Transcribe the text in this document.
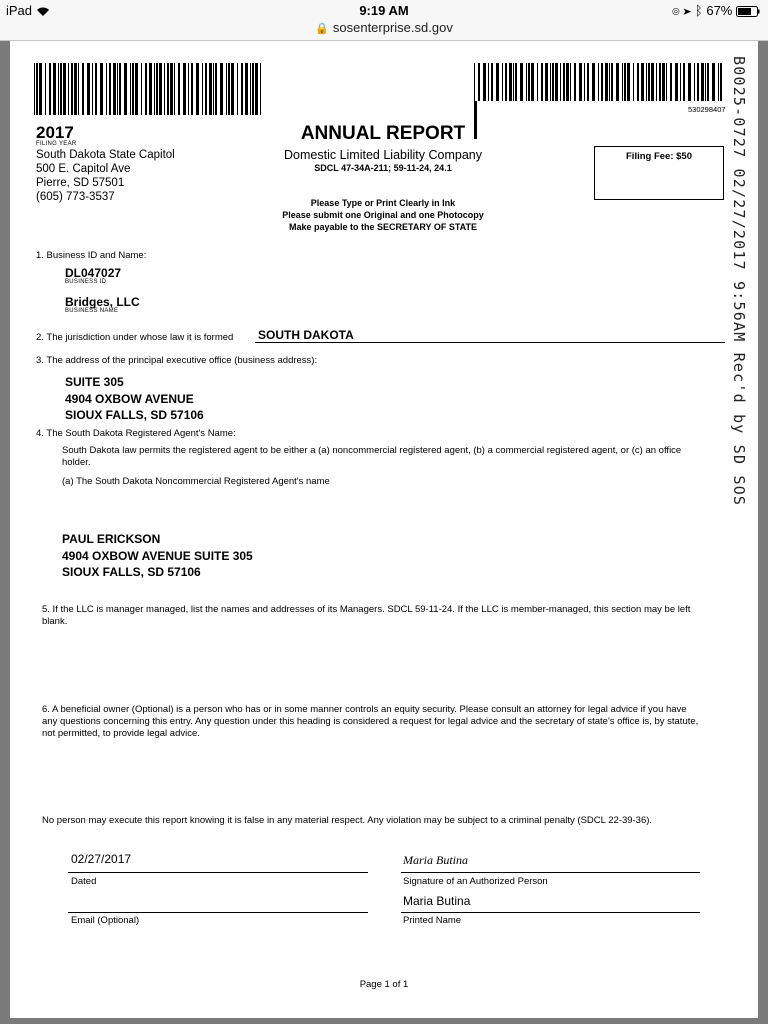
iPad	9:19 AM	◎ ➤ ᛒ 67%
🔒 sosenterprise.sd.gov
530298407 B0025-0727 02/27/2017 9:56AM Rec'd by SD SOS
2017
FILING YEAR
South Dakota State Capitol
500 E. Capitol Ave
Pierre, SD 57501
(605) 773-3537
ANNUAL REPORT
Domestic Limited Liability Company
SDCL 47-34A-211; 59-11-24, 24.1
Filing Fee: $50
Please Type or Print Clearly in Ink
Please submit one Original and one Photocopy
Make payable to the SECRETARY OF STATE
1. Business ID and Name:
DL047027
BUSINESS ID
Bridges, LLC
BUSINESS NAME
2. The jurisdiction under whose law it is formed SOUTH DAKOTA
3. The address of the principal executive office (business address):
SUITE 305
4904 OXBOW AVENUE
SIOUX FALLS, SD 57106
4. The South Dakota Registered Agent's Name:
South Dakota law permits the registered agent to be either a (a) noncommercial registered agent, (b) a commercial registered agent, or (c) an office
holder.
(a) The South Dakota Noncommercial Registered Agent's name
PAUL ERICKSON
4904 OXBOW AVENUE SUITE 305
SIOUX FALLS, SD 57106
5. If the LLC is manager managed, list the names and addresses of its Managers. SDCL 59-11-24. If the LLC is member-managed, this section may be left
blank.
6. A beneficial owner (Optional) is a person who has or in some manner controls an equity security. Please consult an attorney for legal advice if you have
any questions concerning this entry. Any question under this heading is considered a request for legal advice and the secretary of state's office is, by statute,
not permitted, to provide legal advice.
No person may execute this report knowing it is false in any material respect. Any violation may be subject to a criminal penalty (SDCL 22-39-36).
02/27/2017
Dated
Maria Butina
Signature of an Authorized Person
Email (Optional)
Maria Butina
Printed Name
Page 1 of 1
